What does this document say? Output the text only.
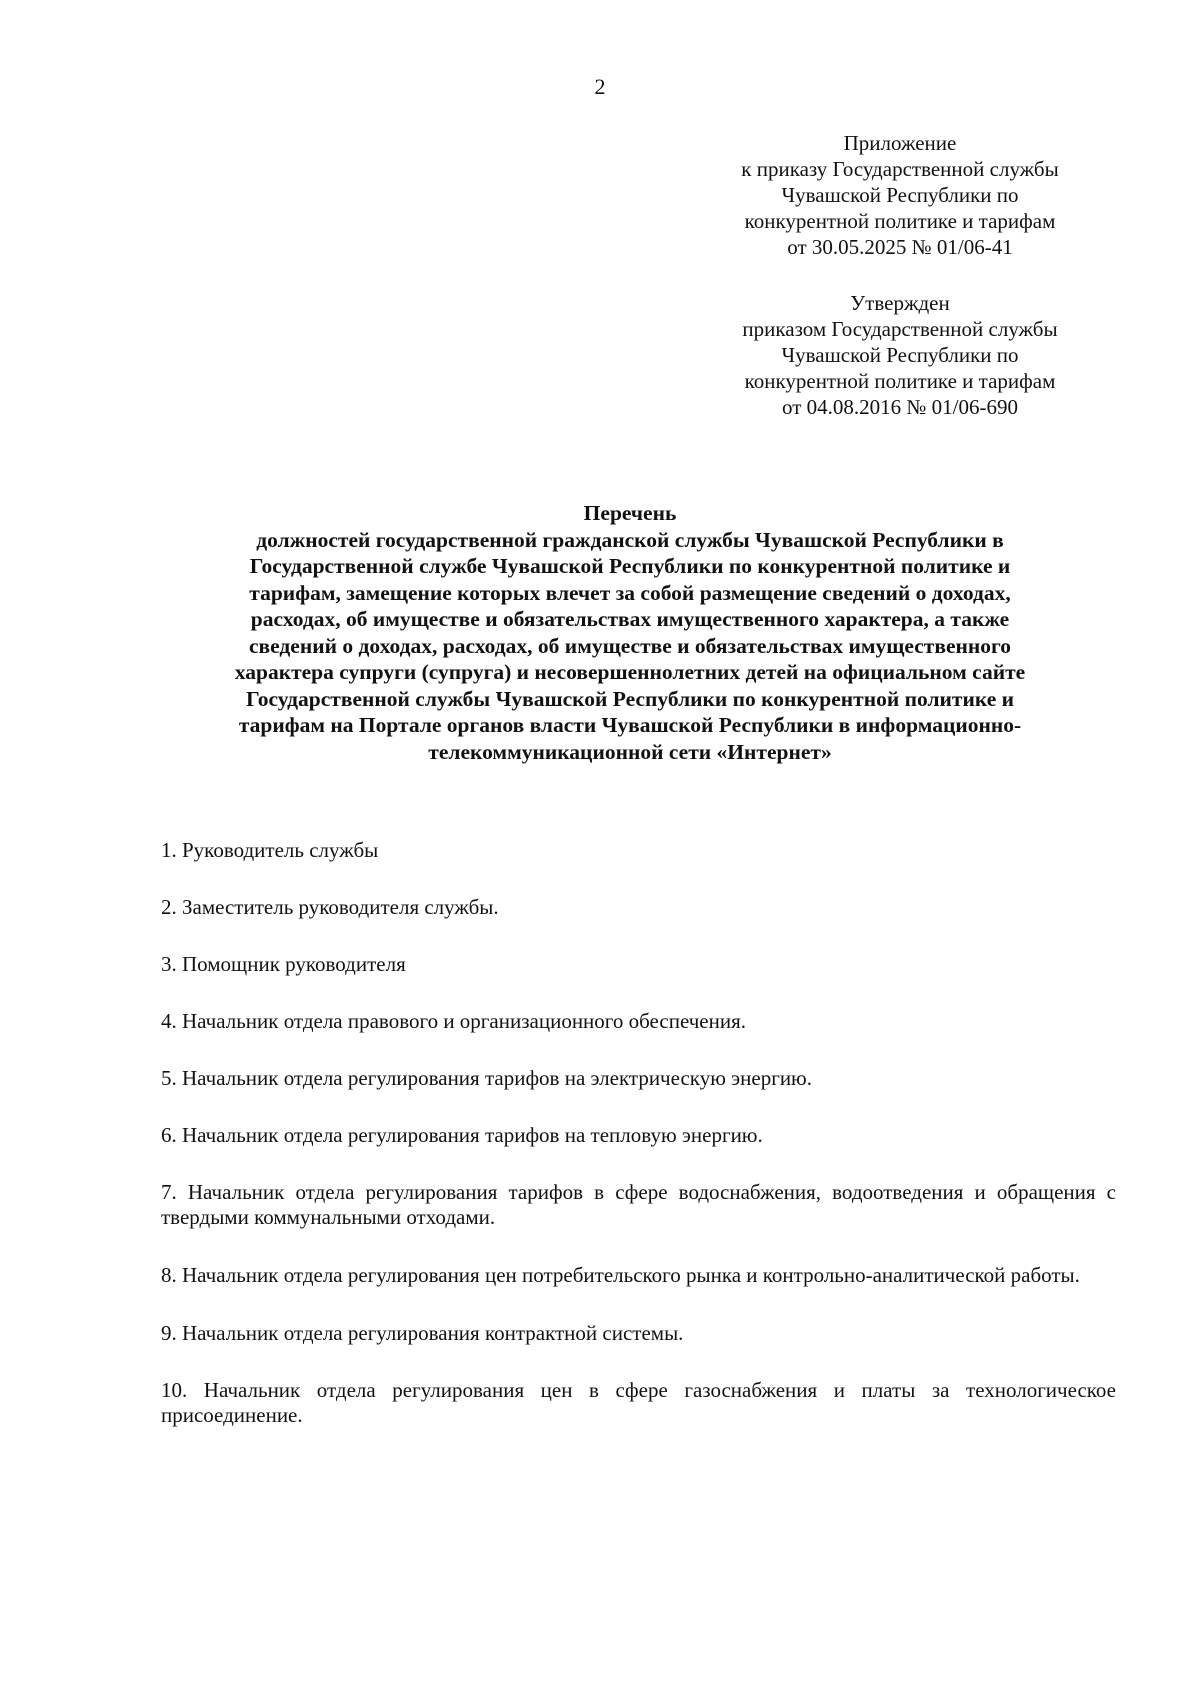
2
Приложение
к приказу Государственной службы
Чувашской Республики по
конкурентной политике и тарифам
от 30.05.2025 № 01/06-41
Утвержден
приказом Государственной службы
Чувашской Республики по
конкурентной политике и тарифам
от 04.08.2016 № 01/06-690
Перечень
должностей государственной гражданской службы Чувашской Республики в
Государственной службе Чувашской Республики по конкурентной политике и
тарифам, замещение которых влечет за собой размещение сведений о доходах,
расходах, об имуществе и обязательствах имущественного характера, а также
сведений о доходах, расходах, об имуществе и обязательствах имущественного
характера супруги (супруга) и несовершеннолетних детей на официальном сайте
Государственной службы Чувашской Республики по конкурентной политике и
тарифам на Портале органов власти Чувашской Республики в информационно-
телекоммуникационной сети «Интернет»
1. Руководитель службы
2. Заместитель руководителя службы.
3. Помощник руководителя
4. Начальник отдела правового и организационного обеспечения.
5. Начальник отдела регулирования тарифов на электрическую энергию.
6. Начальник отдела регулирования тарифов на тепловую энергию.
7. Начальник отдела регулирования тарифов в сфере водоснабжения, водоотведения и обращения с твердыми коммунальными отходами.
8. Начальник отдела регулирования цен потребительского рынка и контрольно-аналитической работы.
9. Начальник отдела регулирования контрактной системы.
10. Начальник отдела регулирования цен в сфере газоснабжения и платы за технологическое присоединение.
